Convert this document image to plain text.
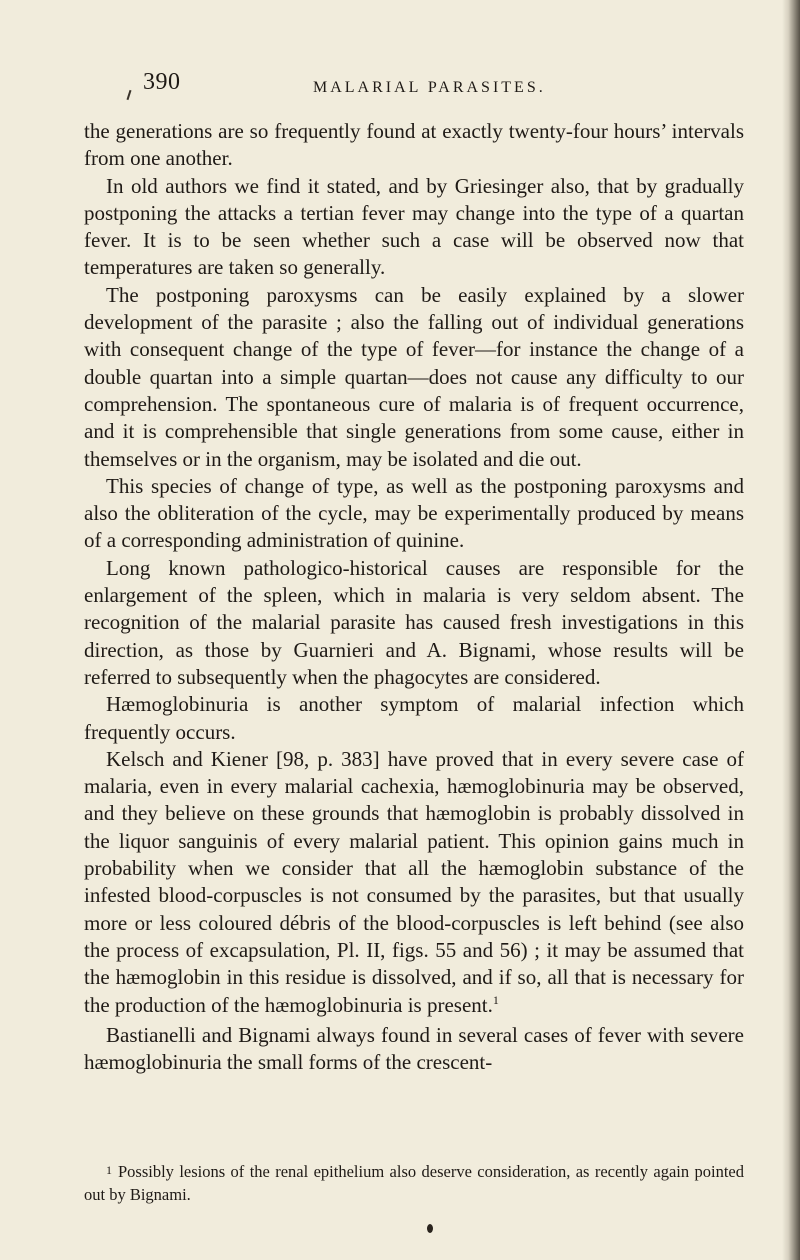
390	MALARIAL PARASITES.

the generations are so frequently found at exactly twenty-four hours’ intervals from one another.

In old authors we find it stated, and by Griesinger also, that by gradually postponing the attacks a tertian fever may change into the type of a quartan fever. It is to be seen whether such a case will be observed now that temperatures are taken so generally.

The postponing paroxysms can be easily explained by a slower development of the parasite ; also the falling out of individual generations with consequent change of the type of fever—for instance the change of a double quartan into a simple quartan—does not cause any difficulty to our comprehension. The spontaneous cure of malaria is of frequent occurrence, and it is comprehensible that single generations from some cause, either in themselves or in the organism, may be isolated and die out.

This species of change of type, as well as the postponing paroxysms and also the obliteration of the cycle, may be experimentally produced by means of a corresponding administration of quinine.

Long known pathologico-historical causes are responsible for the enlargement of the spleen, which in malaria is very seldom absent. The recognition of the malarial parasite has caused fresh investigations in this direction, as those by Guarnieri and A. Bignami, whose results will be referred to subsequently when the phagocytes are considered.

Hæmoglobinuria is another symptom of malarial infection which frequently occurs.

Kelsch and Kiener [98, p. 383] have proved that in every severe case of malaria, even in every malarial cachexia, hæmoglobinuria may be observed, and they believe on these grounds that hæmoglobin is probably dissolved in the liquor sanguinis of every malarial patient. This opinion gains much in probability when we consider that all the hæmoglobin substance of the infested blood-corpuscles is not consumed by the parasites, but that usually more or less coloured débris of the blood-corpuscles is left behind (see also the process of excapsulation, Pl. II, figs. 55 and 56) ; it may be assumed that the hæmoglobin in this residue is dissolved, and if so, all that is necessary for the production of the hæmoglobinuria is present.$^1$

Bastianelli and Bignami always found in several cases of fever with severe hæmoglobinuria the small forms of the crescent-

1 Possibly lesions of the renal epithelium also deserve consideration, as recently again pointed out by Bignami.
